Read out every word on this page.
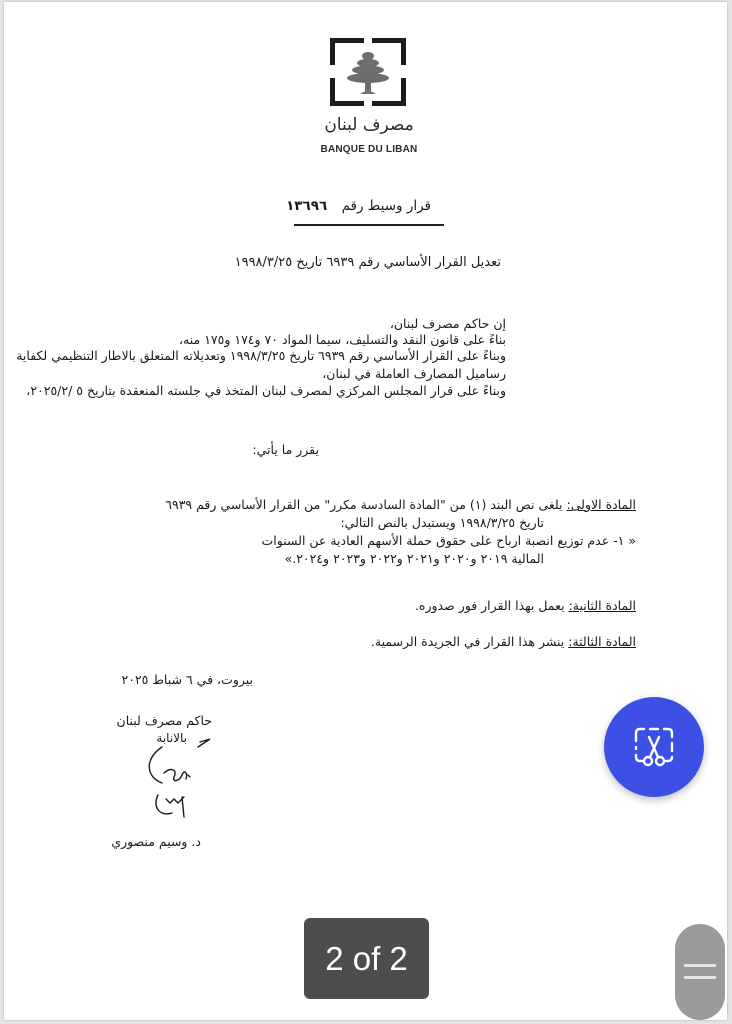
مصرف لبنان
BANQUE DU LIBAN
قرار وسيط رقم ١٣٦٩٦
تعديل القرار الأساسي رقم ٦٩٣٩ تاريخ ١٩٩٨/٣/٢٥
إن حاكم مصرف لبنان،
بناءً على قانون النقد والتسليف، سيما المواد ٧٠ و١٧٤ و١٧٥ منه،
وبناءً على القرار الأساسي رقم ٦٩٣٩ تاريخ ١٩٩٨/٣/٢٥ وتعديلاته المتعلق بالاطار التنظيمي لكفاية
رساميل المصارف العاملة في لبنان،
وبناءً على قرار المجلس المركزي لمصرف لبنان المتخذ في جلسته المنعقدة بتاريخ ٥ /٢٠٢٥/٢،
يقرر ما يأتي:
المادة الاولى: يلغى نص البند (١) من "المادة السادسة مكرر" من القرار الأساسي رقم ٦٩٣٩
تاريخ ١٩٩٨/٣/٢٥ ويستبدل بالنص التالي:
« ١- عدم توزيع انصبة ارباح على حقوق حملة الأسهم العادية عن السنوات
المالية ٢٠١٩ و٢٠٢٠ و٢٠٢١ و٢٠٢٢ و٢٠٢٣ و٢٠٢٤.»
المادة الثانية: يعمل بهذا القرار فور صدوره.
المادة الثالثة: ينشر هذا القرار في الجريدة الرسمية.
بيروت، في ٦ شباط ٢٠٢٥
حاكم مصرف لبنان
بالانابة
د. وسيم منصوري
2 of 2
